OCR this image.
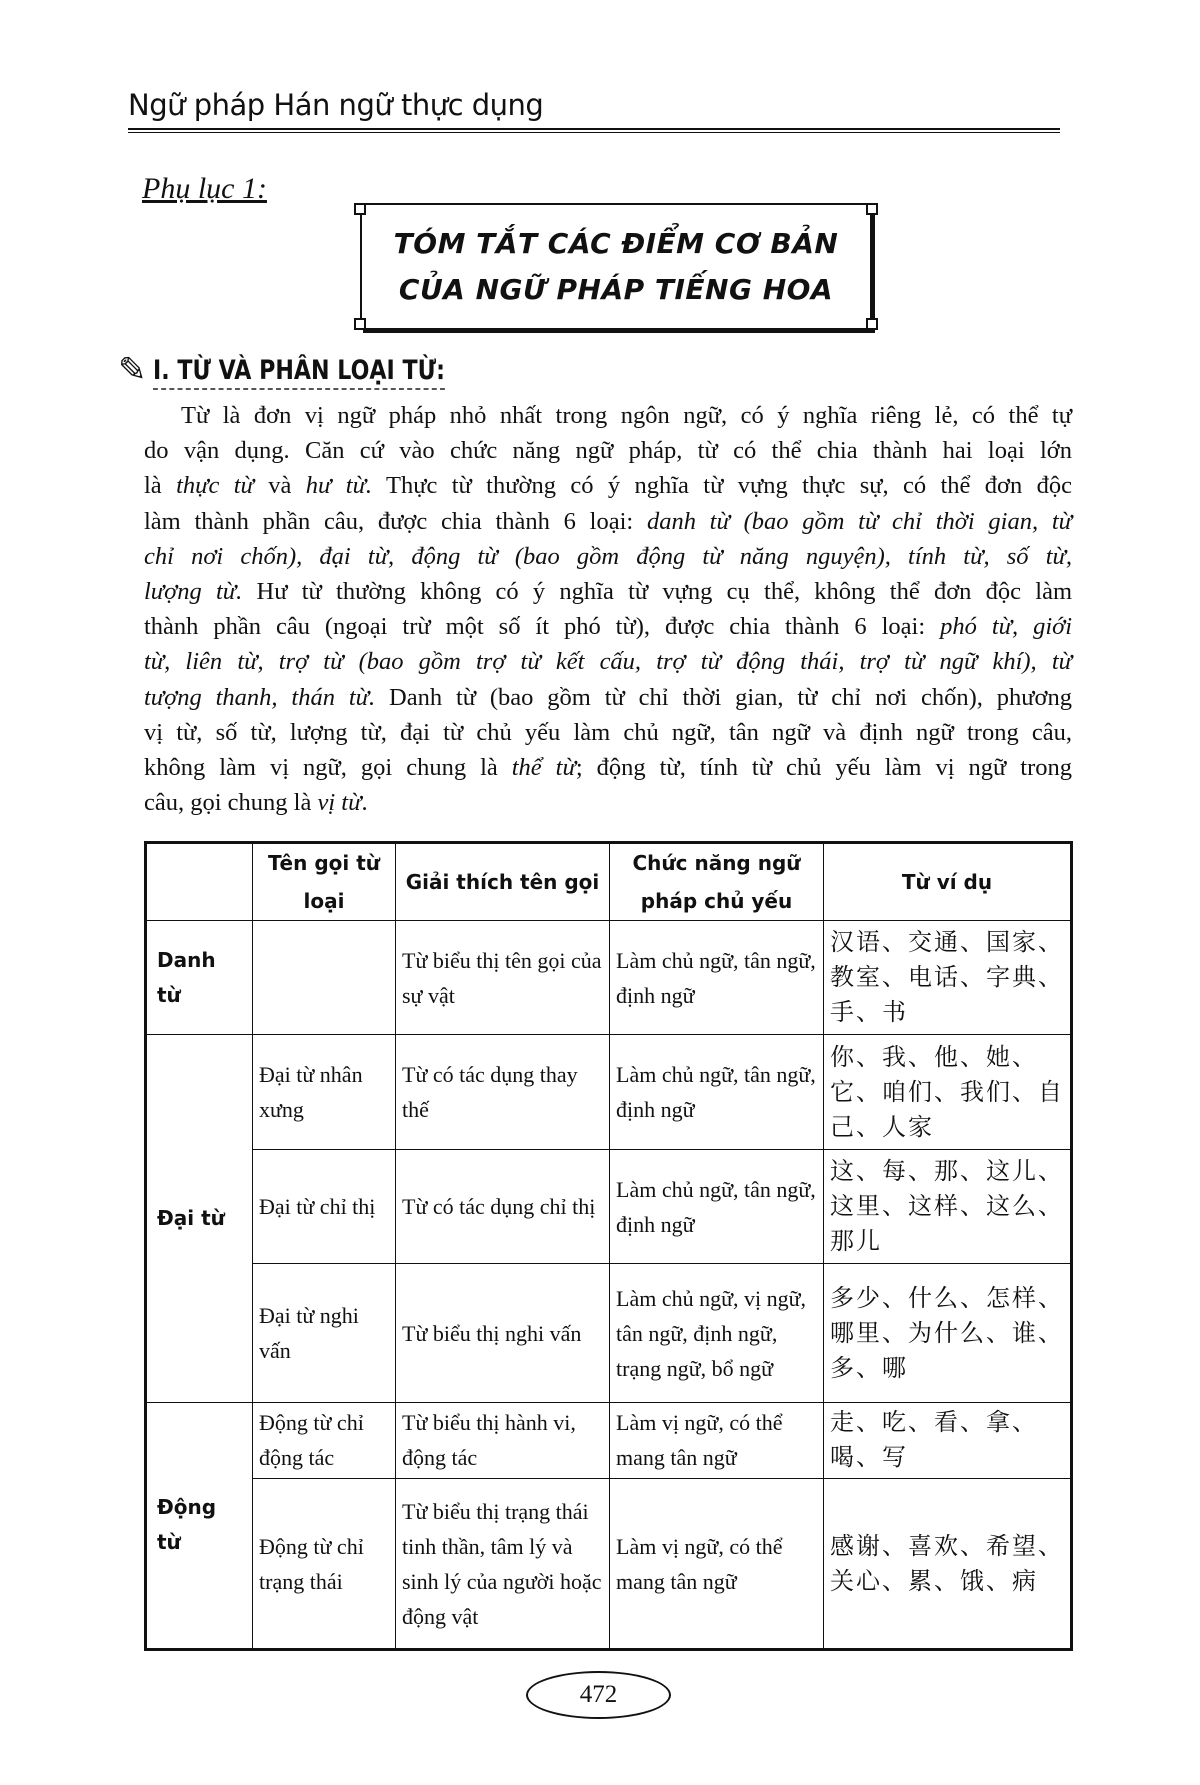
Ngữ pháp Hán ngữ thực dụng
Phụ lục 1:
TÓM TẮT CÁC ĐIỂM CƠ BẢN
CỦA NGỮ PHÁP TIẾNG HOA
✎ I. TỪ VÀ PHÂN LOẠI TỪ:
Từ là đơn vị ngữ pháp nhỏ nhất trong ngôn ngữ, có ý nghĩa riêng lẻ, có thể tự
do vận dụng. Căn cứ vào chức năng ngữ pháp, từ có thể chia thành hai loại lớn
là thực từ và hư từ. Thực từ thường có ý nghĩa từ vựng thực sự, có thể đơn độc
làm thành phần câu, được chia thành 6 loại: danh từ (bao gồm từ chỉ thời gian, từ
chỉ nơi chốn), đại từ, động từ (bao gồm động từ năng nguyện), tính từ, số từ,
lượng từ. Hư từ thường không có ý nghĩa từ vựng cụ thể, không thể đơn độc làm
thành phần câu (ngoại trừ một số ít phó từ), được chia thành 6 loại: phó từ, giới
từ, liên từ, trợ từ (bao gồm trợ từ kết cấu, trợ từ động thái, trợ từ ngữ khí), từ
tượng thanh, thán từ. Danh từ (bao gồm từ chỉ thời gian, từ chỉ nơi chốn), phương
vị từ, số từ, lượng từ, đại từ chủ yếu làm chủ ngữ, tân ngữ và định ngữ trong câu,
không làm vị ngữ, gọi chung là thể từ; động từ, tính từ chủ yếu làm vị ngữ trong
câu, gọi chung là vị từ.
	Tên gọi từ loại	Giải thích tên gọi	Chức năng ngữ pháp chủ yếu	Từ ví dụ
Danh từ		Từ biểu thị tên gọi của sự vật	Làm chủ ngữ, tân ngữ, định ngữ	汉语、交通、国家、教室、电话、字典、手、书
Đại từ	Đại từ nhân xưng	Từ có tác dụng thay thế	Làm chủ ngữ, tân ngữ, định ngữ	你、我、他、她、它、咱们、我们、自己、人家
	Đại từ chỉ thị	Từ có tác dụng chỉ thị	Làm chủ ngữ, tân ngữ, định ngữ	这、每、那、这儿、这里、这样、这么、那儿
	Đại từ nghi vấn	Từ biểu thị nghi vấn	Làm chủ ngữ, vị ngữ, tân ngữ, định ngữ, trạng ngữ, bổ ngữ	多少、什么、怎样、哪里、为什么、谁、多、哪
Động từ	Động từ chỉ động tác	Từ biểu thị hành vi, động tác	Làm vị ngữ, có thể mang tân ngữ	走、吃、看、拿、喝、写
	Động từ chỉ trạng thái	Từ biểu thị trạng thái tinh thần, tâm lý và sinh lý của người hoặc động vật	Làm vị ngữ, có thể mang tân ngữ	感谢、喜欢、希望、关心、累、饿、病
472
